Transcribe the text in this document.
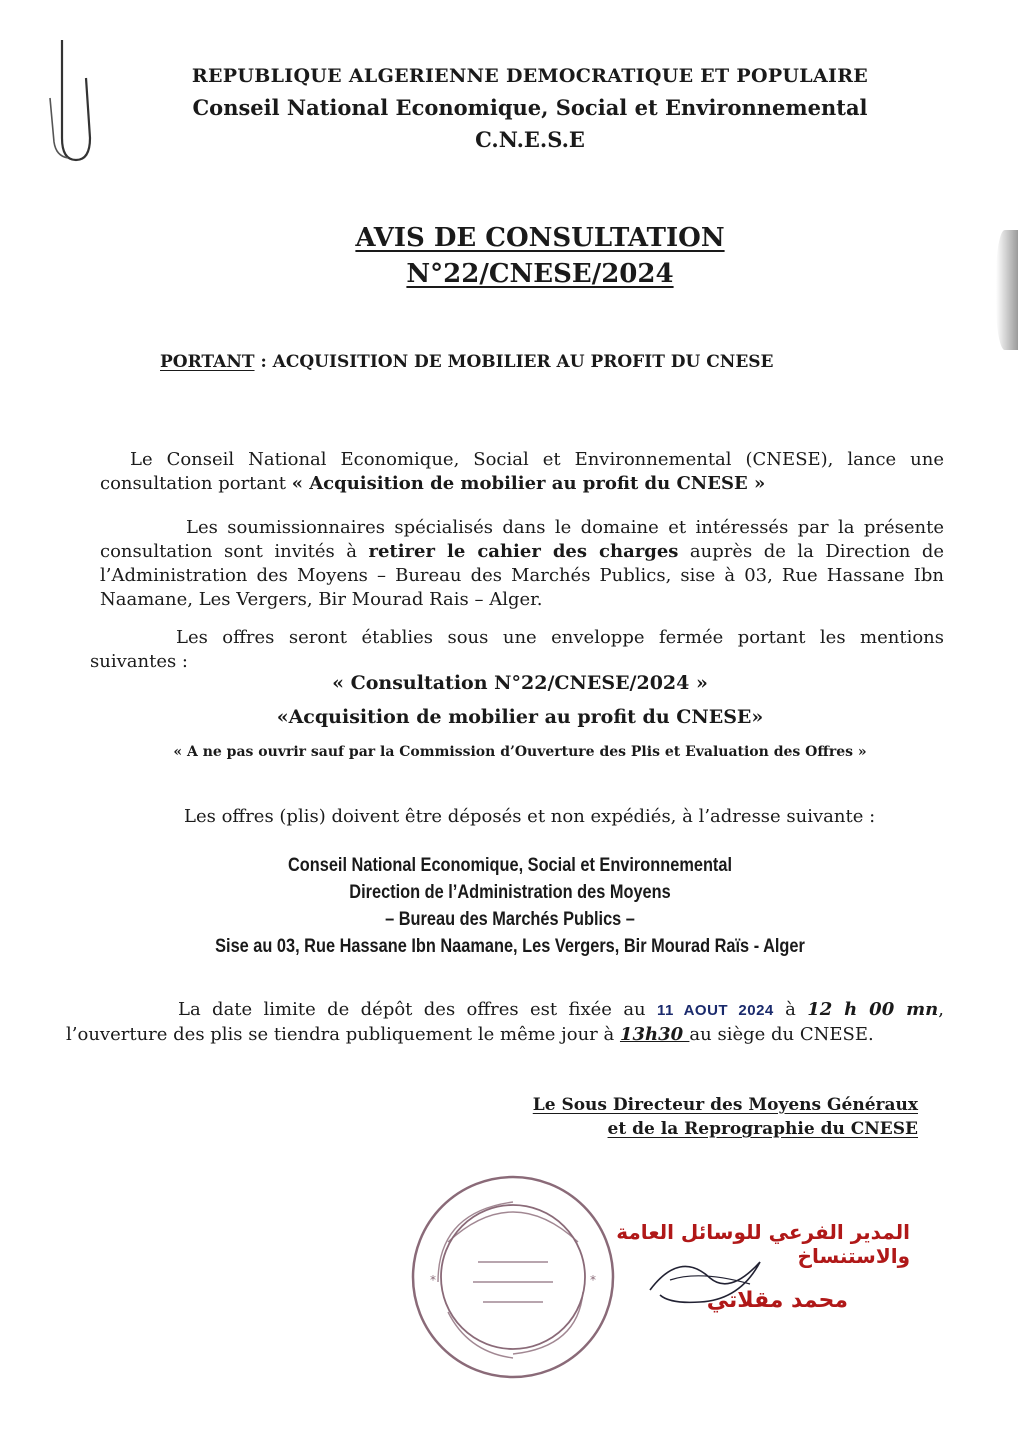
REPUBLIQUE ALGERIENNE DEMOCRATIQUE ET POPULAIRE
Conseil National Economique, Social et Environnemental
C.N.E.S.E
AVIS DE CONSULTATION
N°22/CNESE/2024
PORTANT : ACQUISITION DE MOBILIER AU PROFIT DU CNESE
Le Conseil National Economique, Social et Environnemental (CNESE), lance une consultation portant « Acquisition de mobilier au profit du CNESE »
Les soumissionnaires spécialisés dans le domaine et intéressés par la présente consultation sont invités à retirer le cahier des charges auprès de la Direction de l’Administration des Moyens – Bureau des Marchés Publics, sise à 03, Rue Hassane Ibn Naamane, Les Vergers, Bir Mourad Rais – Alger.
Les offres seront établies sous une enveloppe fermée portant les mentions suivantes :
« Consultation N°22/CNESE/2024 »
«Acquisition de mobilier au profit du CNESE»
« A ne pas ouvrir sauf par la Commission d’Ouverture des Plis et Evaluation des Offres »
Les offres (plis) doivent être déposés et non expédiés, à l’adresse suivante :
Conseil National Economique, Social et Environnemental
Direction de l’Administration des Moyens
– Bureau des Marchés Publics –
Sise au 03, Rue Hassane Ibn Naamane, Les Vergers, Bir Mourad Raïs - Alger
La date limite de dépôt des offres est fixée au 11 AOUT 2024 à 12 h 00 mn, l’ouverture des plis se tiendra publiquement le même jour à 13h30 au siège du CNESE.
Le Sous Directeur des Moyens Généraux
et de la Reprographie du CNESE
*	*
المدير الفرعي للوسائل العامة والاستنساخ
محمد مقلاتي
